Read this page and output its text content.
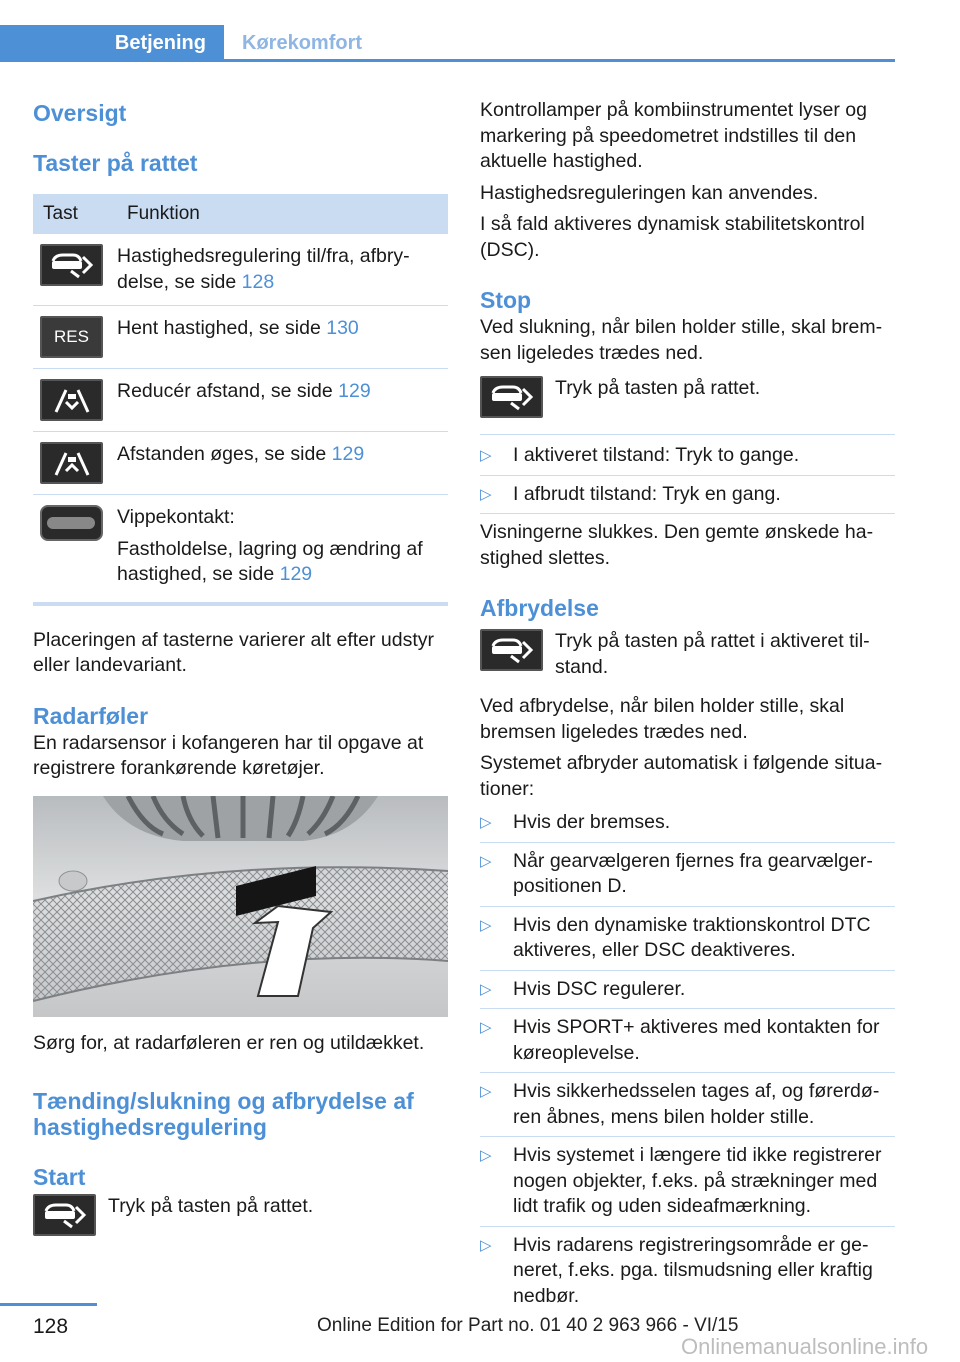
Betjening	Kørekomfort
Oversigt
Taster på rattet
Tast	Funktion

	Hastighedsregulering til/fra, afbry- delse, se side 128

RES	Hent hastighed, se side 130

	Reducér afstand, se side 129

	Afstanden øges, se side 129

	Vippekontakt:
Fastholdelse, lagring og ændring af hastighed, se side 129

Placeringen af tasterne varierer alt efter udstyr eller landevariant.

Radarføler

En radarsensor i kofangeren har til opgave at registrere forankørende køretøjer.

Sørg for, at radarføleren er ren og utildækket.

Tænding/slukning og afbrydelse af hastighedsregulering
Start
Tryk på tasten på rattet.

Kontrollamper på kombiinstrumentet lyser og markering på speedometret indstilles til den aktuelle hastighed.

Hastighedsreguleringen kan anvendes.

I så fald aktiveres dynamisk stabilitetskontrol (DSC).

Stop

Ved slukning, når bilen holder stille, skal brem- sen ligeledes trædes ned.

Tryk på tasten på rattet.
▷ I aktiveret tilstand: Tryk to gange.
▷ I afbrudt tilstand: Tryk en gang.

Visningerne slukkes. Den gemte ønskede ha- stighed slettes.

Afbrydelse
Tryk på tasten på rattet i aktiveret til- stand.

Ved afbrydelse, når bilen holder stille, skal bremsen ligeledes trædes ned.

Systemet afbryder automatisk i følgende situa- tioner:

▷ Hvis der bremses.
▷ Når gearvælgeren fjernes fra gearvælger- positionen D.
▷ Hvis den dynamiske traktionskontrol DTC aktiveres, eller DSC deaktiveres.
▷ Hvis DSC regulerer.
▷ Hvis SPORT+ aktiveres med kontakten for køreoplevelse.
▷ Hvis sikkerhedsselen tages af, og førerdø- ren åbnes, mens bilen holder stille.
▷ Hvis systemet i længere tid ikke registrerer nogen objekter, f.eks. på strækninger med lidt trafik og uden sideafmærkning.
▷ Hvis radarens registreringsområde er ge- neret, f.eks. pga. tilsmudsning eller kraftig nedbør.
128	Online Edition for Part no. 01 40 2 963 966 - VI/15
Onlinemanualsonline.info
